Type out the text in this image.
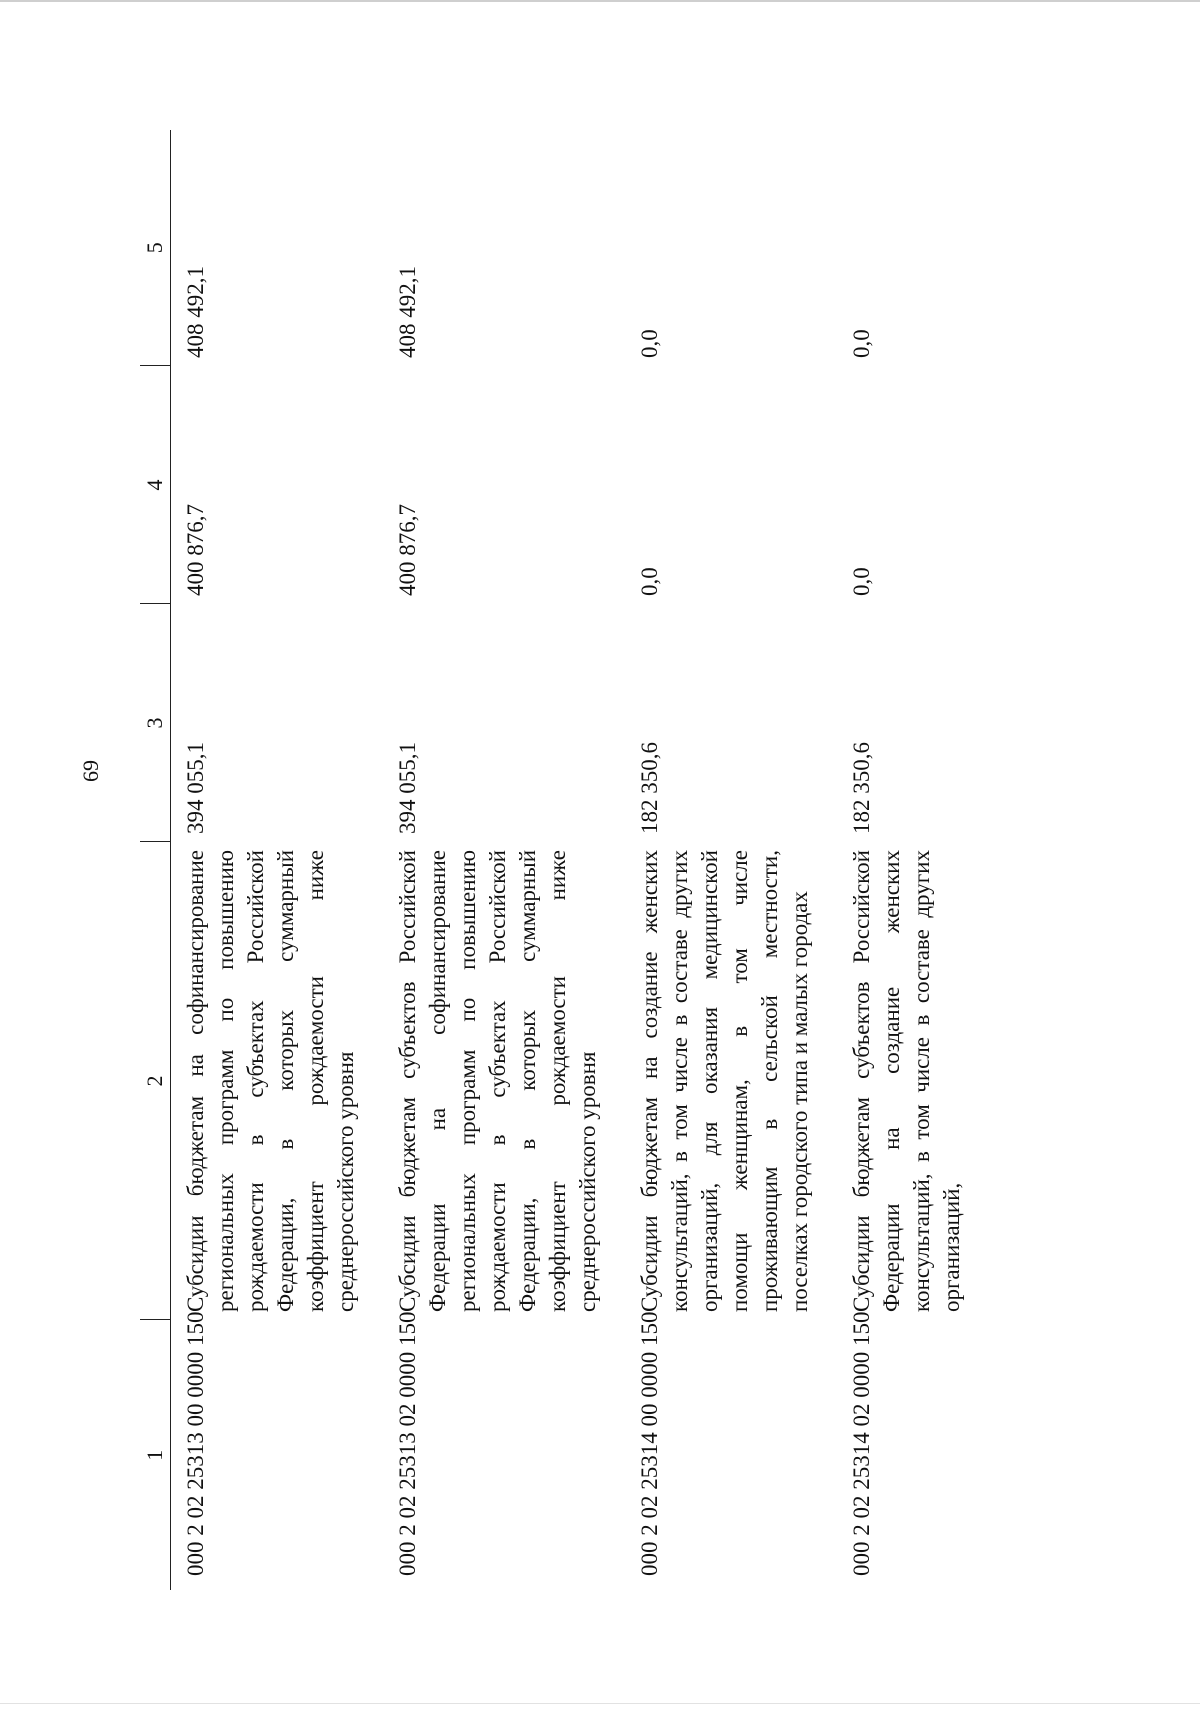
69
1	2	3	4	5
000 2 02 25313 00 0000 150	Субсидии бюджетам на софинансирование региональных программ по повышению рождаемости в субъектах Российской Федерации, в которых суммарный коэффициент рождаемости ниже среднероссийского уровня	394 055,1	400 876,7	408 492,1
000 2 02 25313 02 0000 150	Субсидии бюджетам субъектов Российской Федерации на софинансирование региональных программ по повышению рождаемости в субъектах Российской Федерации, в которых суммарный коэффициент рождаемости ниже среднероссийского уровня	394 055,1	400 876,7	408 492,1
000 2 02 25314 00 0000 150	Субсидии бюджетам на создание женских консультаций, в том числе в составе других организаций, для оказания медицинской помощи женщинам, в том числе проживающим в сельской местности, поселках городского типа и малых городах	182 350,6	0,0	0,0
000 2 02 25314 02 0000 150	Субсидии бюджетам субъектов Российской Федерации на создание женских консультаций, в том числе в составе других организаций,	182 350,6	0,0	0,0
